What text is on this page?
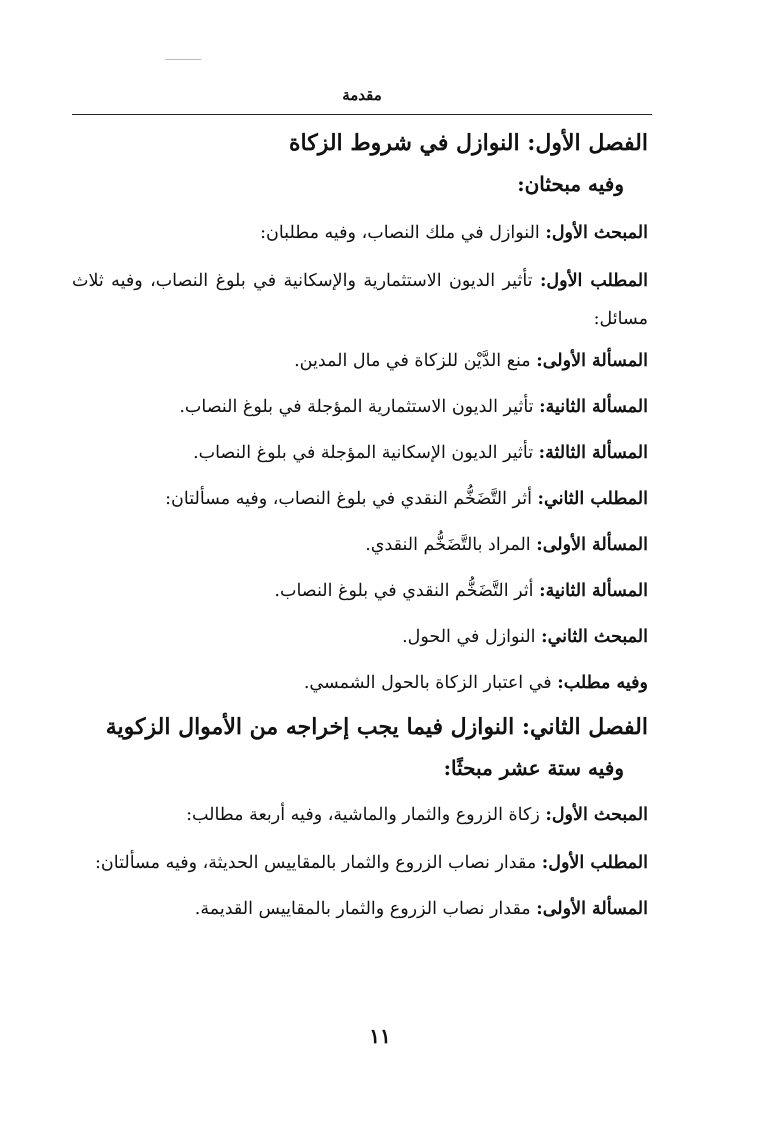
مقدمة
الفصل الأول: النوازل في شروط الزكاة
وفيه مبحثان:

المبحث الأول: النوازل في ملك النصاب، وفيه مطلبان:

المطلب الأول: تأثير الديون الاستثمارية والإسكانية في بلوغ النصاب، وفيه ثلاث مسائل:

المسألة الأولى: منع الدَّيْن للزكاة في مال المدين.

المسألة الثانية: تأثير الديون الاستثمارية المؤجلة في بلوغ النصاب.

المسألة الثالثة: تأثير الديون الإسكانية المؤجلة في بلوغ النصاب.

المطلب الثاني: أثر التَّضَخُّم النقدي في بلوغ النصاب، وفيه مسألتان:

المسألة الأولى: المراد بالتَّضَخُّم النقدي.

المسألة الثانية: أثر التَّضَخُّم النقدي في بلوغ النصاب.

المبحث الثاني: النوازل في الحول.

وفيه مطلب: في اعتبار الزكاة بالحول الشمسي.

الفصل الثاني: النوازل فيما يجب إخراجه من الأموال الزكوية
وفيه ستة عشر مبحثًا:

المبحث الأول: زكاة الزروع والثمار والماشية، وفيه أربعة مطالب:

المطلب الأول: مقدار نصاب الزروع والثمار بالمقاييس الحديثة، وفيه مسألتان:

المسألة الأولى: مقدار نصاب الزروع والثمار بالمقاييس القديمة.

١١
